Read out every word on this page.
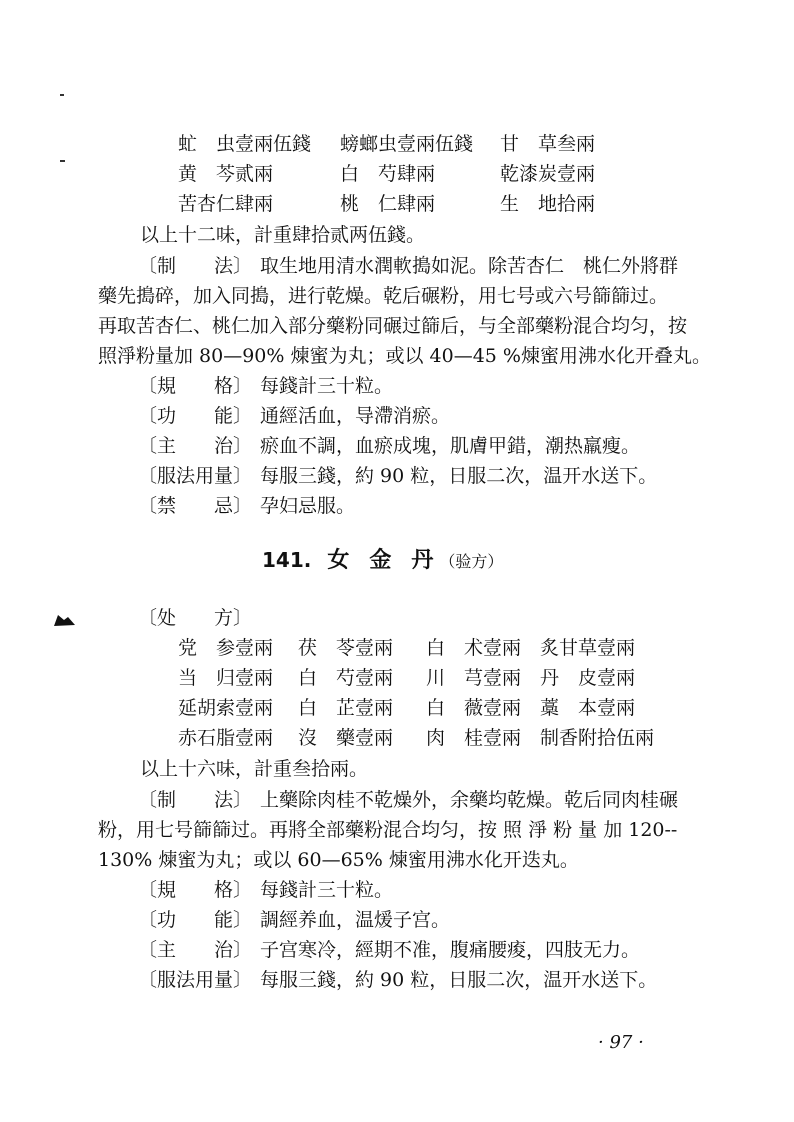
虻　虫壹兩伍錢 螃螂虫壹兩伍錢 甘　草叁兩
黄　芩贰兩	白　芍肆兩	乾漆炭壹兩
苦杏仁肆兩	桃　仁肆兩	生　地拾兩
以上十二味，計重肆拾贰两伍錢。
〔制　　法〕 取生地用清水潤軟搗如泥。除苦杏仁　桃仁外將群
藥先搗碎，加入同搗，进行乾燥。乾后碾粉，用七号或六号篩篩过。
再取苦杏仁、桃仁加入部分藥粉同碾过篩后，与全部藥粉混合均匀，按
照淨粉量加 80—90% 煉蜜为丸；或以 40—45 %煉蜜用沸水化开叠丸。
〔規　　格〕 每錢計三十粒。
〔功　　能〕 通經活血，导滯消瘀。
〔主　　治〕 瘀血不調，血瘀成塊，肌膚甲錯，潮热羸瘦。
〔服法用量〕 每服三錢，約 90 粒，日服二次，温开水送下。
〔禁　　忌〕 孕妇忌服。
141. 女金丹（验方）
〔处　　方〕
党　参壹兩 茯　苓壹兩 白　术壹兩 炙甘草壹兩
当　归壹兩 白　芍壹兩 川　芎壹兩 丹　皮壹兩
延胡索壹兩 白　芷壹兩 白　薇壹兩 藁　本壹兩
赤石脂壹兩 沒　藥壹兩 肉　桂壹兩 制香附拾伍兩
以上十六味，計重叁拾兩。
〔制　　法〕 上藥除肉桂不乾燥外，余藥均乾燥。乾后同肉桂碾
粉，用七号篩篩过。再將全部藥粉混合均匀，按 照 淨 粉 量 加 120--
130% 煉蜜为丸；或以 60—65% 煉蜜用沸水化开迭丸。
〔規　　格〕 每錢計三十粒。
〔功　　能〕 調經养血，温煖子宫。
〔主　　治〕 子宫寒冷，經期不准，腹痛腰痠，四肢无力。
〔服法用量〕 每服三錢，約 90 粒，日服二次，温开水送下。
· 97 ·
